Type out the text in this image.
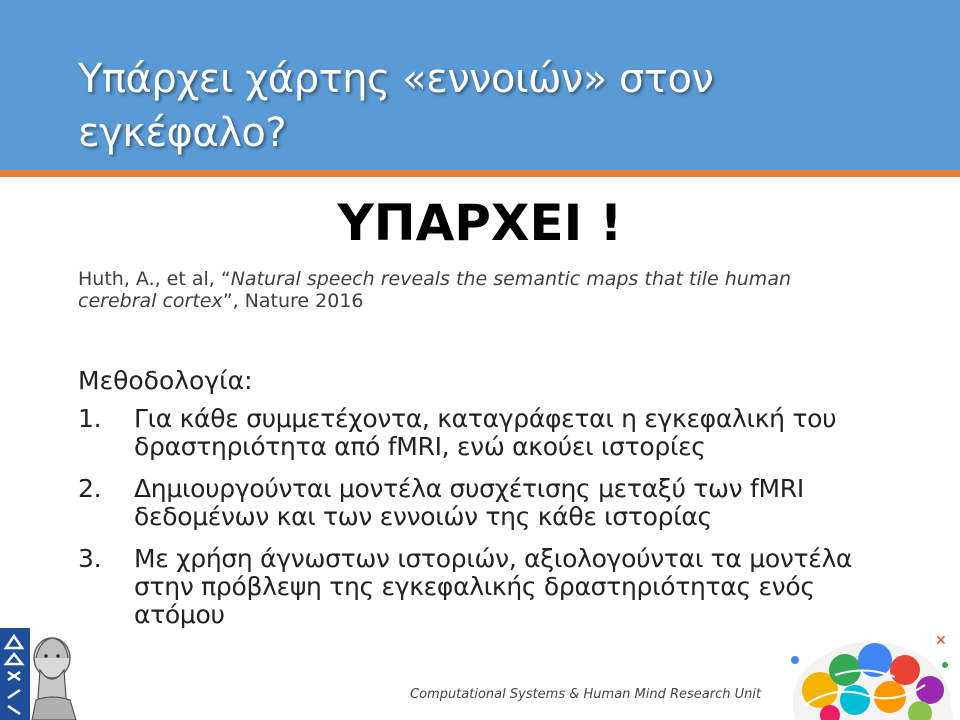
Υπάρχει χάρτης «εννοιών» στον εγκέφαλο?
ΥΠΑΡΧΕΙ !
Huth, A., et al, “Natural speech reveals the semantic maps that tile human cerebral cortex”, Nature 2016
Μεθοδολογία:
1. Για κάθε συμμετέχοντα, καταγράφεται η εγκεφαλική του δραστηριότητα από fMRI, ενώ ακούει ιστορίες
2. Δημιουργούνται μοντέλα συσχέτισης μεταξύ των fMRI δεδομένων και των εννοιών της κάθε ιστορίας
3. Με χρήση άγνωστων ιστοριών, αξιολογούνται τα μοντέλα στην πρόβλεψη της εγκεφαλικής δραστηριότητας ενός ατόμου
Computational Systems & Human Mind Research Unit
✕
